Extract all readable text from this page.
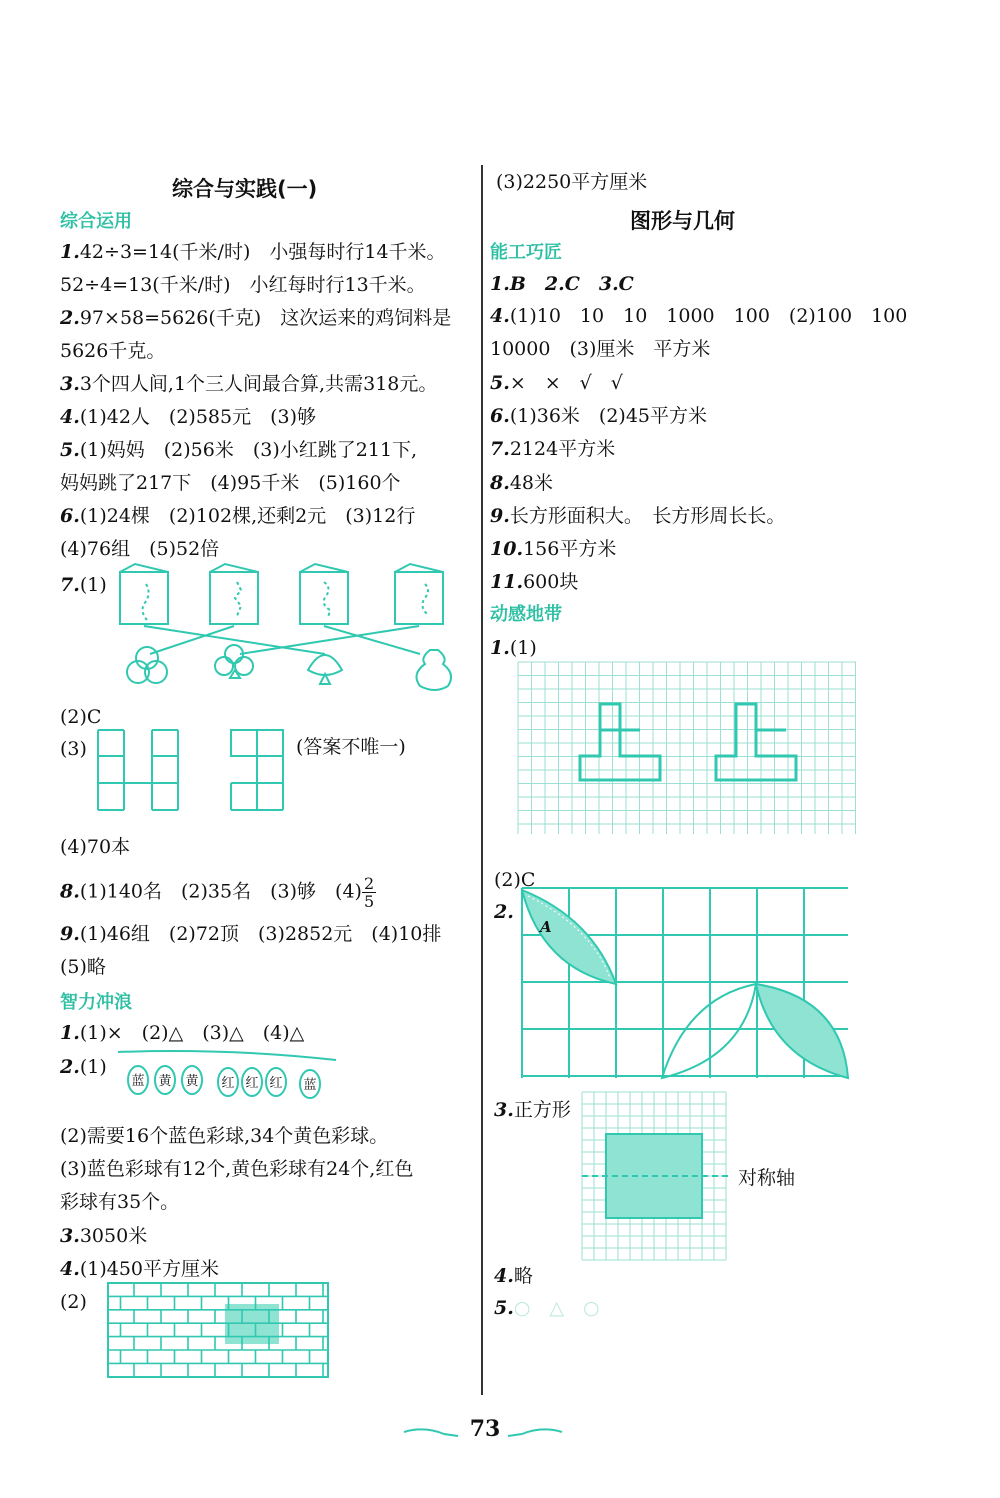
综合与实践(一)
综合运用
1.42÷3=14(千米/时)　小强每时行14千米。
52÷4=13(千米/时)　小红每时行13千米。
2.97×58=5626(千克)　这次运来的鸡饲料是
5626千克。
3.3个四人间,1个三人间最合算,共需318元。
4.(1)42人　(2)585元　(3)够
5.(1)妈妈　(2)56米　(3)小红跳了211下,
妈妈跳了217下　(4)95千米　(5)160个
6.(1)24棵　(2)102棵,还剩2元　(3)12行
(4)76组　(5)52倍
7.(1)
(2)C
(3)	(答案不唯一)
(4)70本
8.(1)140名　(2)35名　(3)够　$(4) \frac{2}{5}$
9.(1)46组　(2)72顶　(3)2852元　(4)10排
(5)略
智力冲浪
1.(1)×　(2)△　(3)△　(4)△
2.(1)
蓝 黄 黄 红 红 红 蓝
(2)需要16个蓝色彩球,34个黄色彩球。
(3)蓝色彩球有12个,黄色彩球有24个,红色
彩球有35个。
3.3050米
4.(1)450平方厘米
(2)
(3)2250平方厘米
图形与几何
能工巧匠
1.B　2.C　3.C
4.(1)10　10　10　1000　100　(2)100　100
10000　(3)厘米　平方米
5.×　×　√　√
6.(1)36米　(2)45平方米
7.2124平方米
8.48米
9.长方形面积大。　长方形周长长。
10.156平方米
11.600块
动感地带
1.(1)
(2)C
2.
A
3.正方形
对称轴
4.略
5.○　△　○
73
